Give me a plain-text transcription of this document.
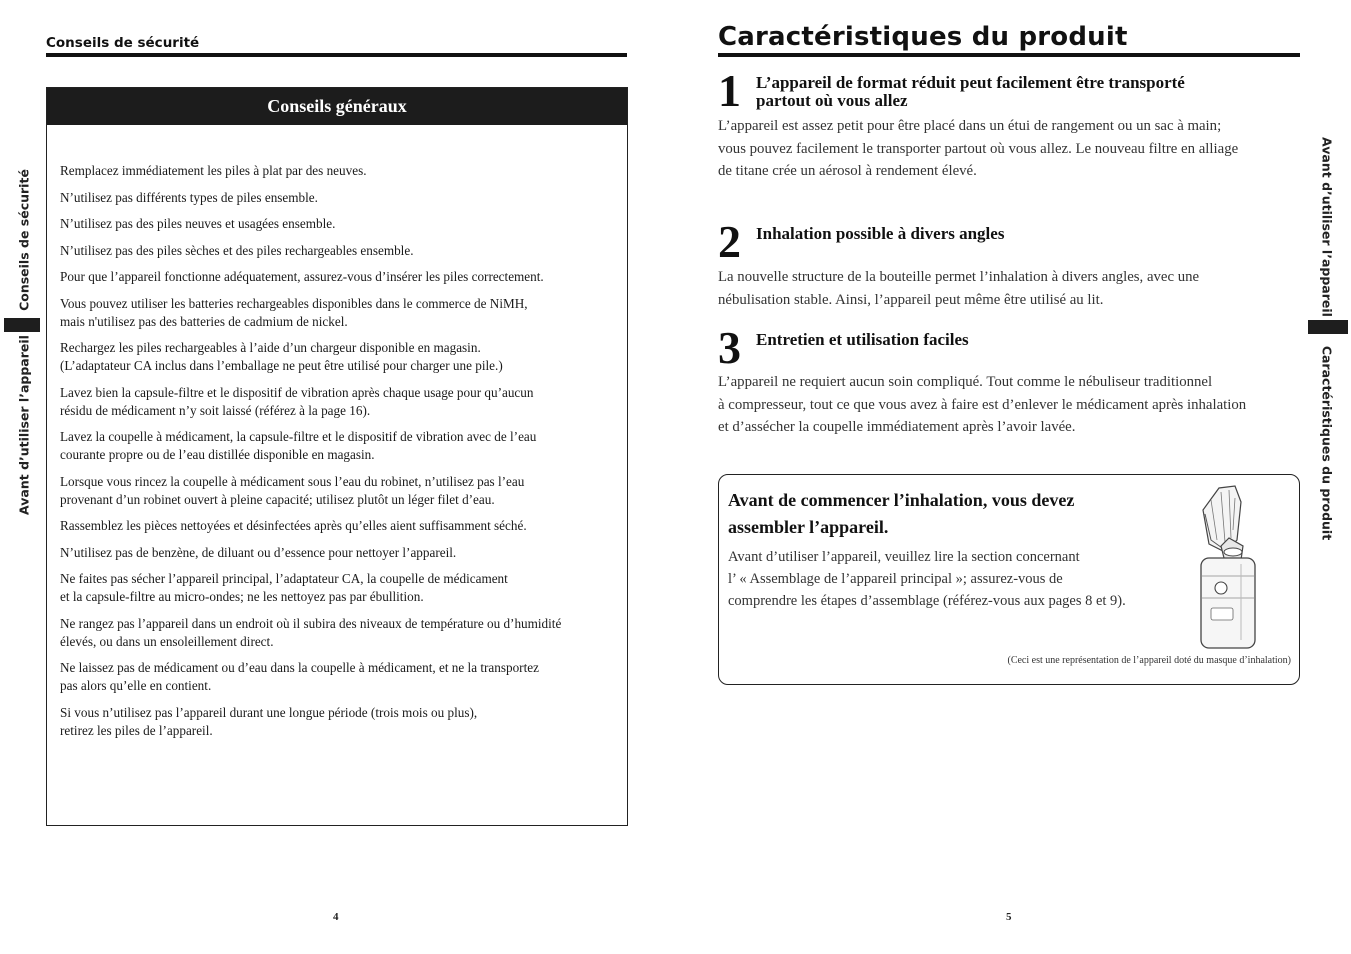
Conseils de sécurité
Conseils généraux
Remplacez immédiatement les piles à plat par des neuves.
N’utilisez pas différents types de piles ensemble.
N’utilisez pas des piles neuves et usagées ensemble.
N’utilisez pas des piles sèches et des piles rechargeables ensemble.
Pour que l’appareil fonctionne adéquatement, assurez-vous d’insérer les piles correctement.
Vous pouvez utiliser les batteries rechargeables disponibles dans le commerce de NiMH,
mais n'utilisez pas des batteries de cadmium de nickel.
Rechargez les piles rechargeables à l’aide d’un chargeur disponible en magasin.
(L’adaptateur CA inclus dans l’emballage ne peut être utilisé pour charger une pile.)
Lavez bien la capsule-filtre et le dispositif de vibration après chaque usage pour qu’aucun
résidu de médicament n’y soit laissé (référez à la page 16).
Lavez la coupelle à médicament, la capsule-filtre et le dispositif de vibration avec de l’eau
courante propre ou de l’eau distillée disponible en magasin.
Lorsque vous rincez la coupelle à médicament sous l’eau du robinet, n’utilisez pas l’eau
provenant d’un robinet ouvert à pleine capacité; utilisez plutôt un léger filet d’eau.
Rassemblez les pièces nettoyées et désinfectées après qu’elles aient suffisamment séché.
N’utilisez pas de benzène, de diluant ou d’essence pour nettoyer l’appareil.
Ne faites pas sécher l’appareil principal, l’adaptateur CA, la coupelle de médicament
et la capsule-filtre au micro-ondes; ne les nettoyez pas par ébullition.
Ne rangez pas l’appareil dans un endroit où il subira des niveaux de température ou d’humidité
élevés, ou dans un ensoleillement direct.
Ne laissez pas de médicament ou d’eau dans la coupelle à médicament, et ne la transportez
pas alors qu’elle en contient.
Si vous n’utilisez pas l’appareil durant une longue période (trois mois ou plus),
retirez les piles de l’appareil.
Conseils de sécurité
Avant d’utiliser l’appareil
4
Caractéristiques du produit
1 L’appareil de format réduit peut facilement être transporté
partout où vous allez
L’appareil est assez petit pour être placé dans un étui de rangement ou un sac à main;
vous pouvez facilement le transporter partout où vous allez. Le nouveau filtre en alliage
de titane crée un aérosol à rendement élevé.
2 Inhalation possible à divers angles
La nouvelle structure de la bouteille permet l’inhalation à divers angles, avec une
nébulisation stable. Ainsi, l’appareil peut même être utilisé au lit.
3 Entretien et utilisation faciles
L’appareil ne requiert aucun soin compliqué. Tout comme le nébuliseur traditionnel
à compresseur, tout ce que vous avez à faire est d’enlever le médicament après inhalation
et d’assécher la coupelle immédiatement après l’avoir lavée.
Avant de commencer l’inhalation, vous devez
assembler l’appareil.
Avant d’utiliser l’appareil, veuillez lire la section concernant
l’ « Assemblage de l’appareil principal »; assurez-vous de
comprendre les étapes d’assemblage (référez-vous aux pages 8 et 9).
(Ceci est une représentation de l’appareil doté du masque d’inhalation)
Avant d’utiliser l’appareil
Caractéristiques du produit
5
